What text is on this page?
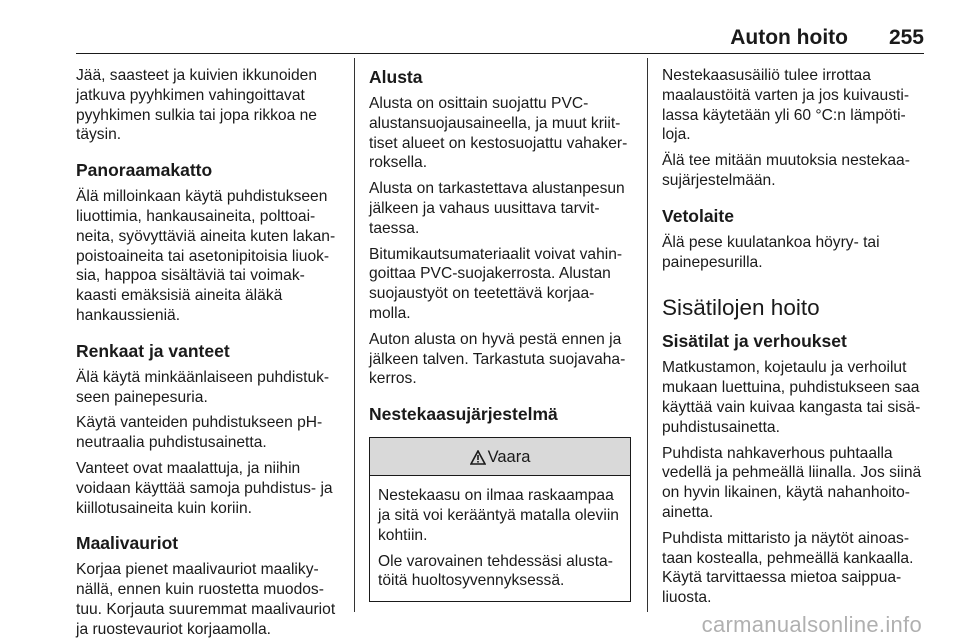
Auton hoito 255

Jää, saasteet ja kuivien ikkunoiden
jatkuva pyyhkimen vahingoittavat
pyyhkimen sulkia tai jopa rikkoa ne
täysin.

Panoraamakatto

Älä milloinkaan käytä puhdistukseen
liuottimia, hankausaineita, polttoai-
neita, syövyttäviä aineita kuten lakan-
poistoaineita tai asetonipitoisia liuok-
sia, happoa sisältäviä tai voimak-
kaasti emäksisiä aineita äläkä
hankaussieniä.

Renkaat ja vanteet

Älä käytä minkäänlaiseen puhdistuk-
seen painepesuria.

Käytä vanteiden puhdistukseen pH-
neutraalia puhdistusainetta.

Vanteet ovat maalattuja, ja niihin
voidaan käyttää samoja puhdistus- ja
kiillotusaineita kuin koriin.

Maalivauriot

Korjaa pienet maalivauriot maaliky-
nällä, ennen kuin ruostetta muodos-
tuu. Korjauta suuremmat maalivauriot
ja ruostevauriot korjaamolla.

Alusta

Alusta on osittain suojattu PVC-
alustansuojausaineella, ja muut kriit-
tiset alueet on kestosuojattu vahaker-
roksella.

Alusta on tarkastettava alustanpesun
jälkeen ja vahaus uusittava tarvit-
taessa.

Bitumikautsumateriaalit voivat vahin-
goittaa PVC-suojakerrosta. Alustan
suojaustyöt on teetettävä korjaa-
molla.

Auton alusta on hyvä pestä ennen ja
jälkeen talven. Tarkastuta suojavaha-
kerros.

Nestekaasujärjestelmä
Vaara

Nestekaasu on ilmaa raskaampaa
ja sitä voi kerääntyä matalla oleviin
kohtiin.

Ole varovainen tehdessäsi alusta-
töitä huoltosyvennyksessä.

Nestekaasusäiliö tulee irrottaa
maalaustöitä varten ja jos kuivausti-
lassa käytetään yli 60 °C:n lämpöti-
loja.

Älä tee mitään muutoksia nestekaa-
sujärjestelmään.

Vetolaite

Älä pese kuulatankoa höyry- tai
painepesurilla.

Sisätilojen hoito
Sisätilat ja verhoukset

Matkustamon, kojetaulu ja verhoilut
mukaan luettuina, puhdistukseen saa
käyttää vain kuivaa kangasta tai sisä-
puhdistusainetta.

Puhdista nahkaverhous puhtaalla
vedellä ja pehmeällä liinalla. Jos siinä
on hyvin likainen, käytä nahanhoito-
ainetta.

Puhdista mittaristo ja näytöt ainoas-
taan kostealla, pehmeällä kankaalla.
Käytä tarvittaessa mietoa saippua-
liuosta.

carmanualsonline.info
